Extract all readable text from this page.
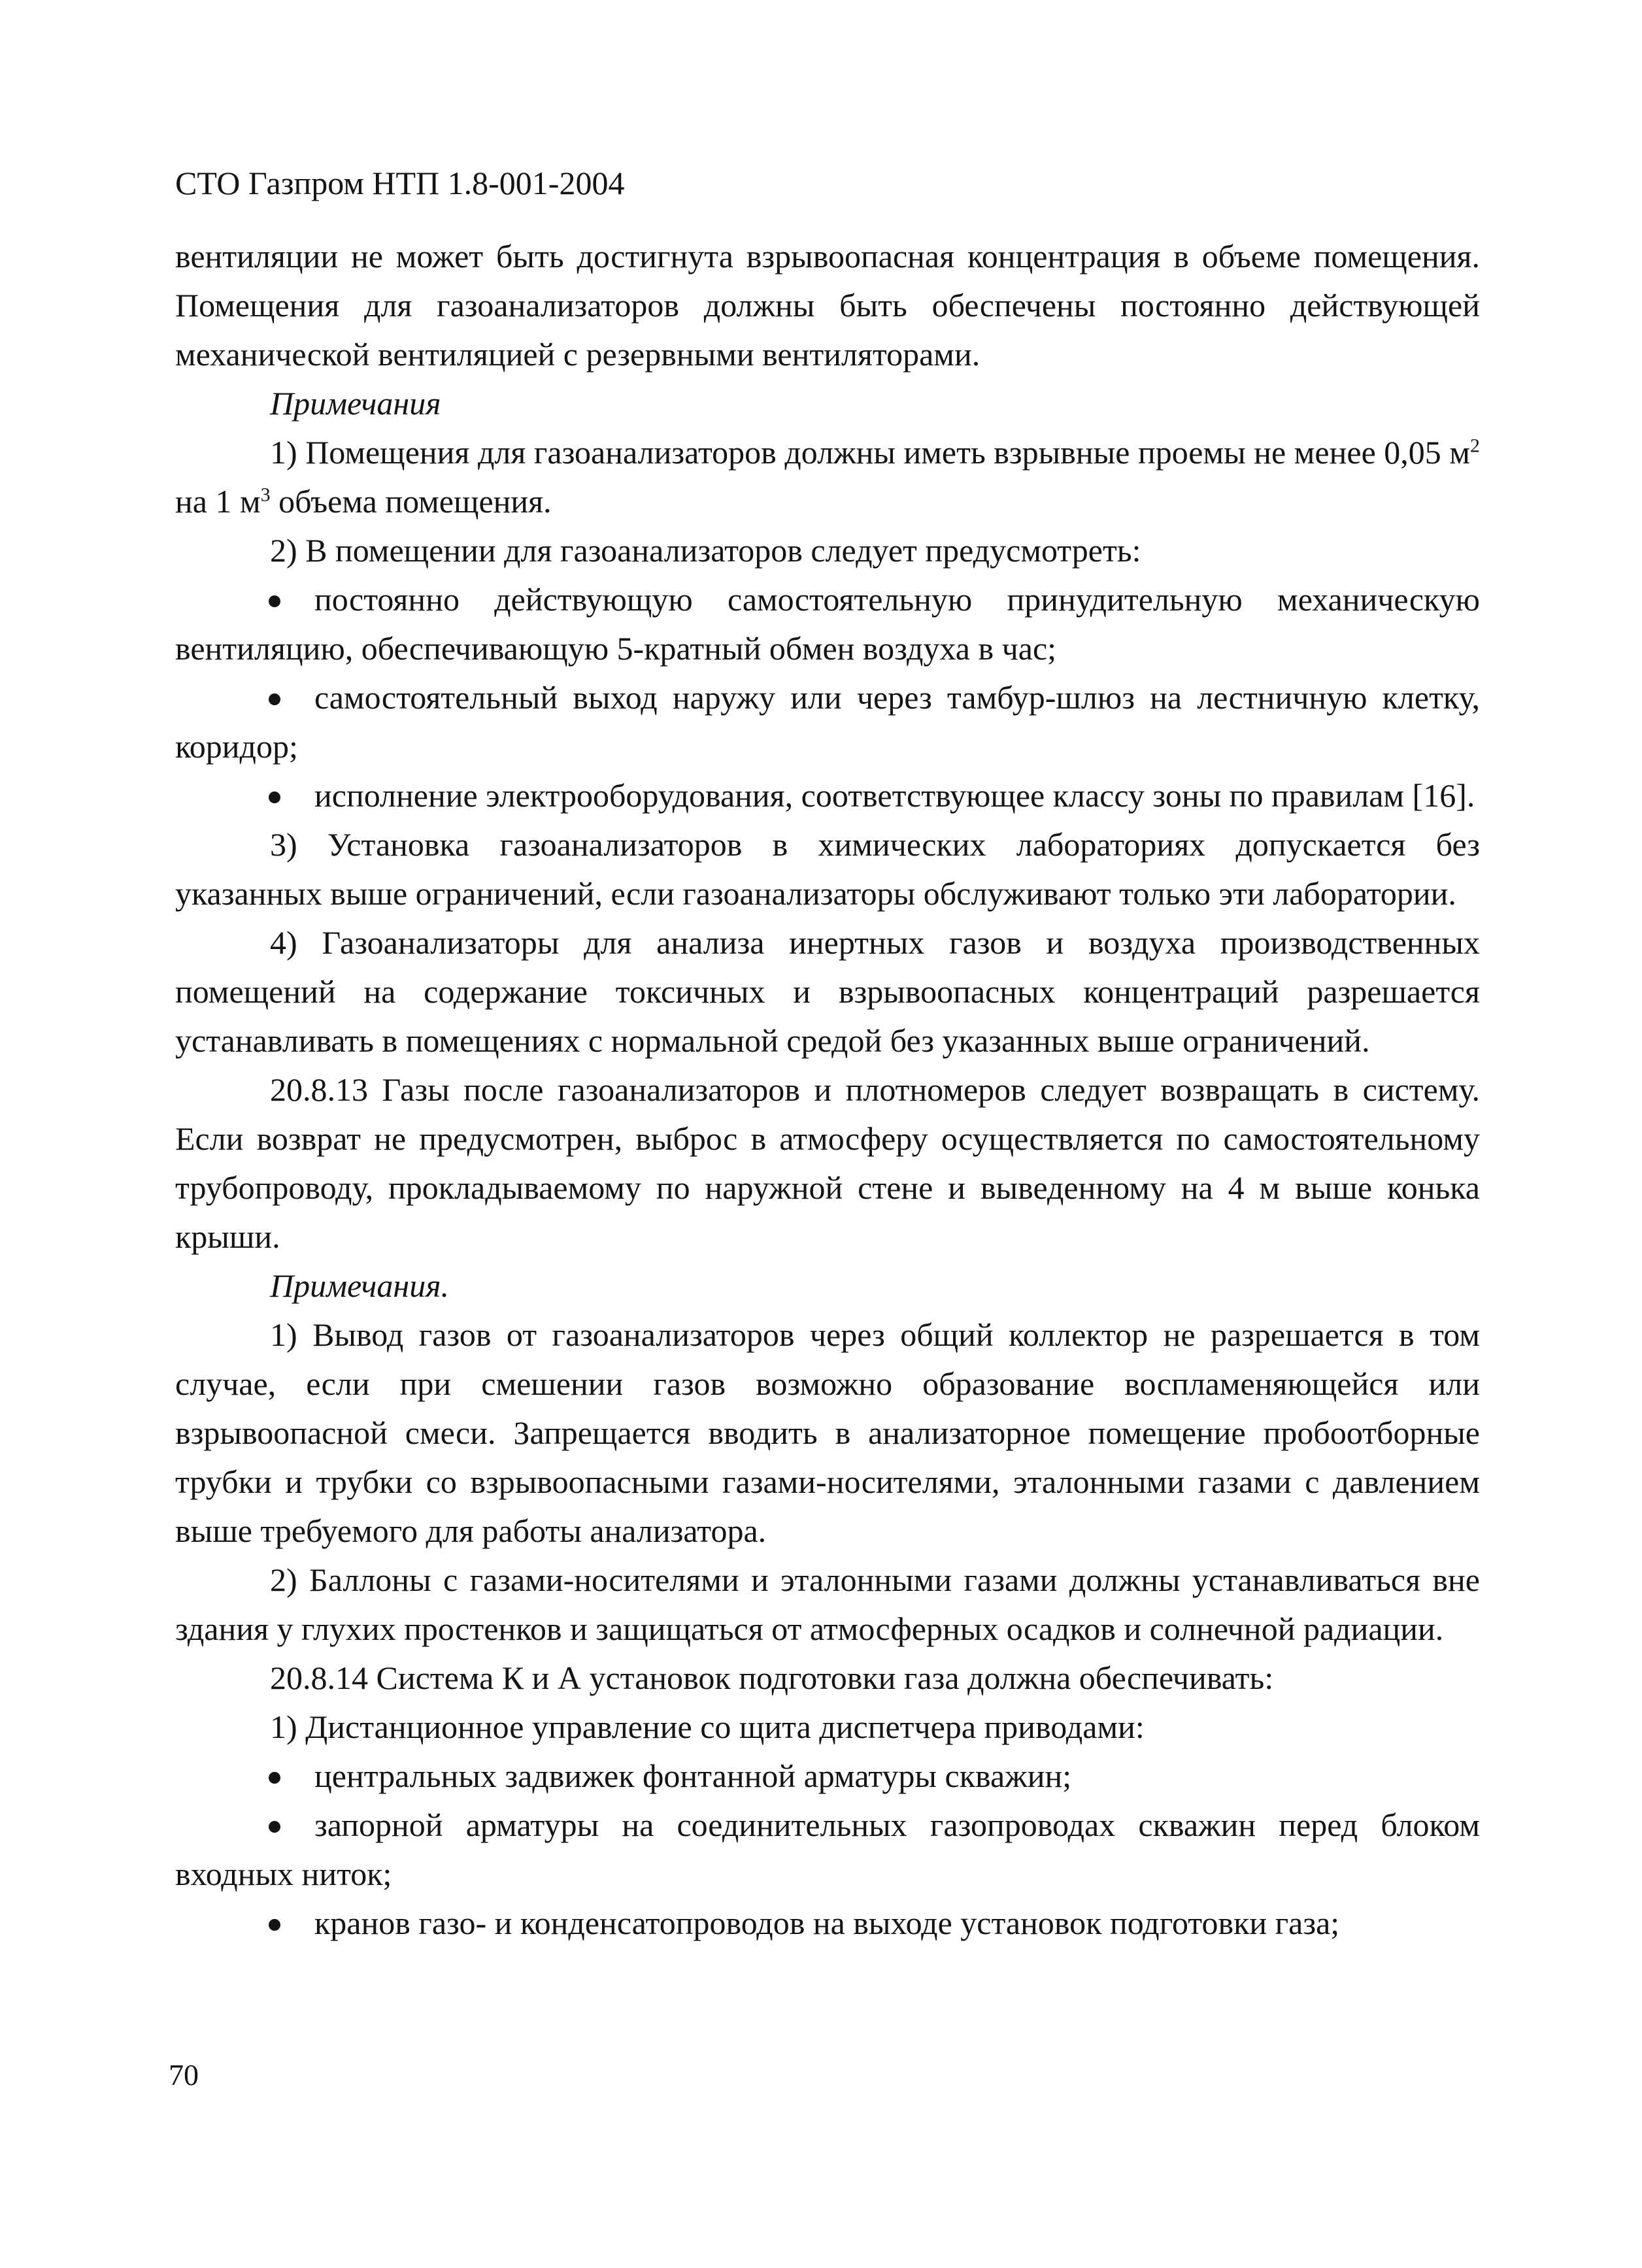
СТО Газпром НТП 1.8-001-2004

вентиляции не может быть достигнута взрывоопасная концентрация в объеме помещения. Помещения для газоанализаторов должны быть обеспечены постоянно действующей механической вентиляцией с резервными вентиляторами.

Примечания

1) Помещения для газоанализаторов должны иметь взрывные проемы не менее 0,05 $м^2$ на 1 $м^3$ объема помещения.

2) В помещении для газоанализаторов следует предусмотреть:

постоянно действующую самостоятельную принудительную механическую вентиляцию, обеспечивающую 5-кратный обмен воздуха в час;

самостоятельный выход наружу или через тамбур-шлюз на лестничную клетку, коридор;

исполнение электрооборудования, соответствующее классу зоны по правилам [16].

3) Установка газоанализаторов в химических лабораториях допускается без указанных выше ограничений, если газоанализаторы обслуживают только эти лаборатории.

4) Газоанализаторы для анализа инертных газов и воздуха производственных помещений на содержание токсичных и взрывоопасных концентраций разрешается устанавливать в помещениях с нормальной средой без указанных выше ограничений.

20.8.13 Газы после газоанализаторов и плотномеров следует возвращать в систему. Если возврат не предусмотрен, выброс в атмосферу осуществляется по самостоятельному трубопроводу, прокладываемому по наружной стене и выведенному на 4 м выше конька крыши.

Примечания.

1) Вывод газов от газоанализаторов через общий коллектор не разрешается в том случае, если при смешении газов возможно образование воспламеняющейся или взрывоопасной смеси. Запрещается вводить в анализаторное помещение пробоотборные трубки и трубки со взрывоопасными газами-носителями, эталонными газами с давлением выше требуемого для работы анализатора.

2) Баллоны с газами-носителями и эталонными газами должны устанавливаться вне здания у глухих простенков и защищаться от атмосферных осадков и солнечной радиации.

20.8.14 Система К и А установок подготовки газа должна обеспечивать:

1) Дистанционное управление со щита диспетчера приводами:

центральных задвижек фонтанной арматуры скважин;

запорной арматуры на соединительных газопроводах скважин перед блоком входных ниток;

кранов газо- и конденсатопроводов на выходе установок подготовки газа;

70
